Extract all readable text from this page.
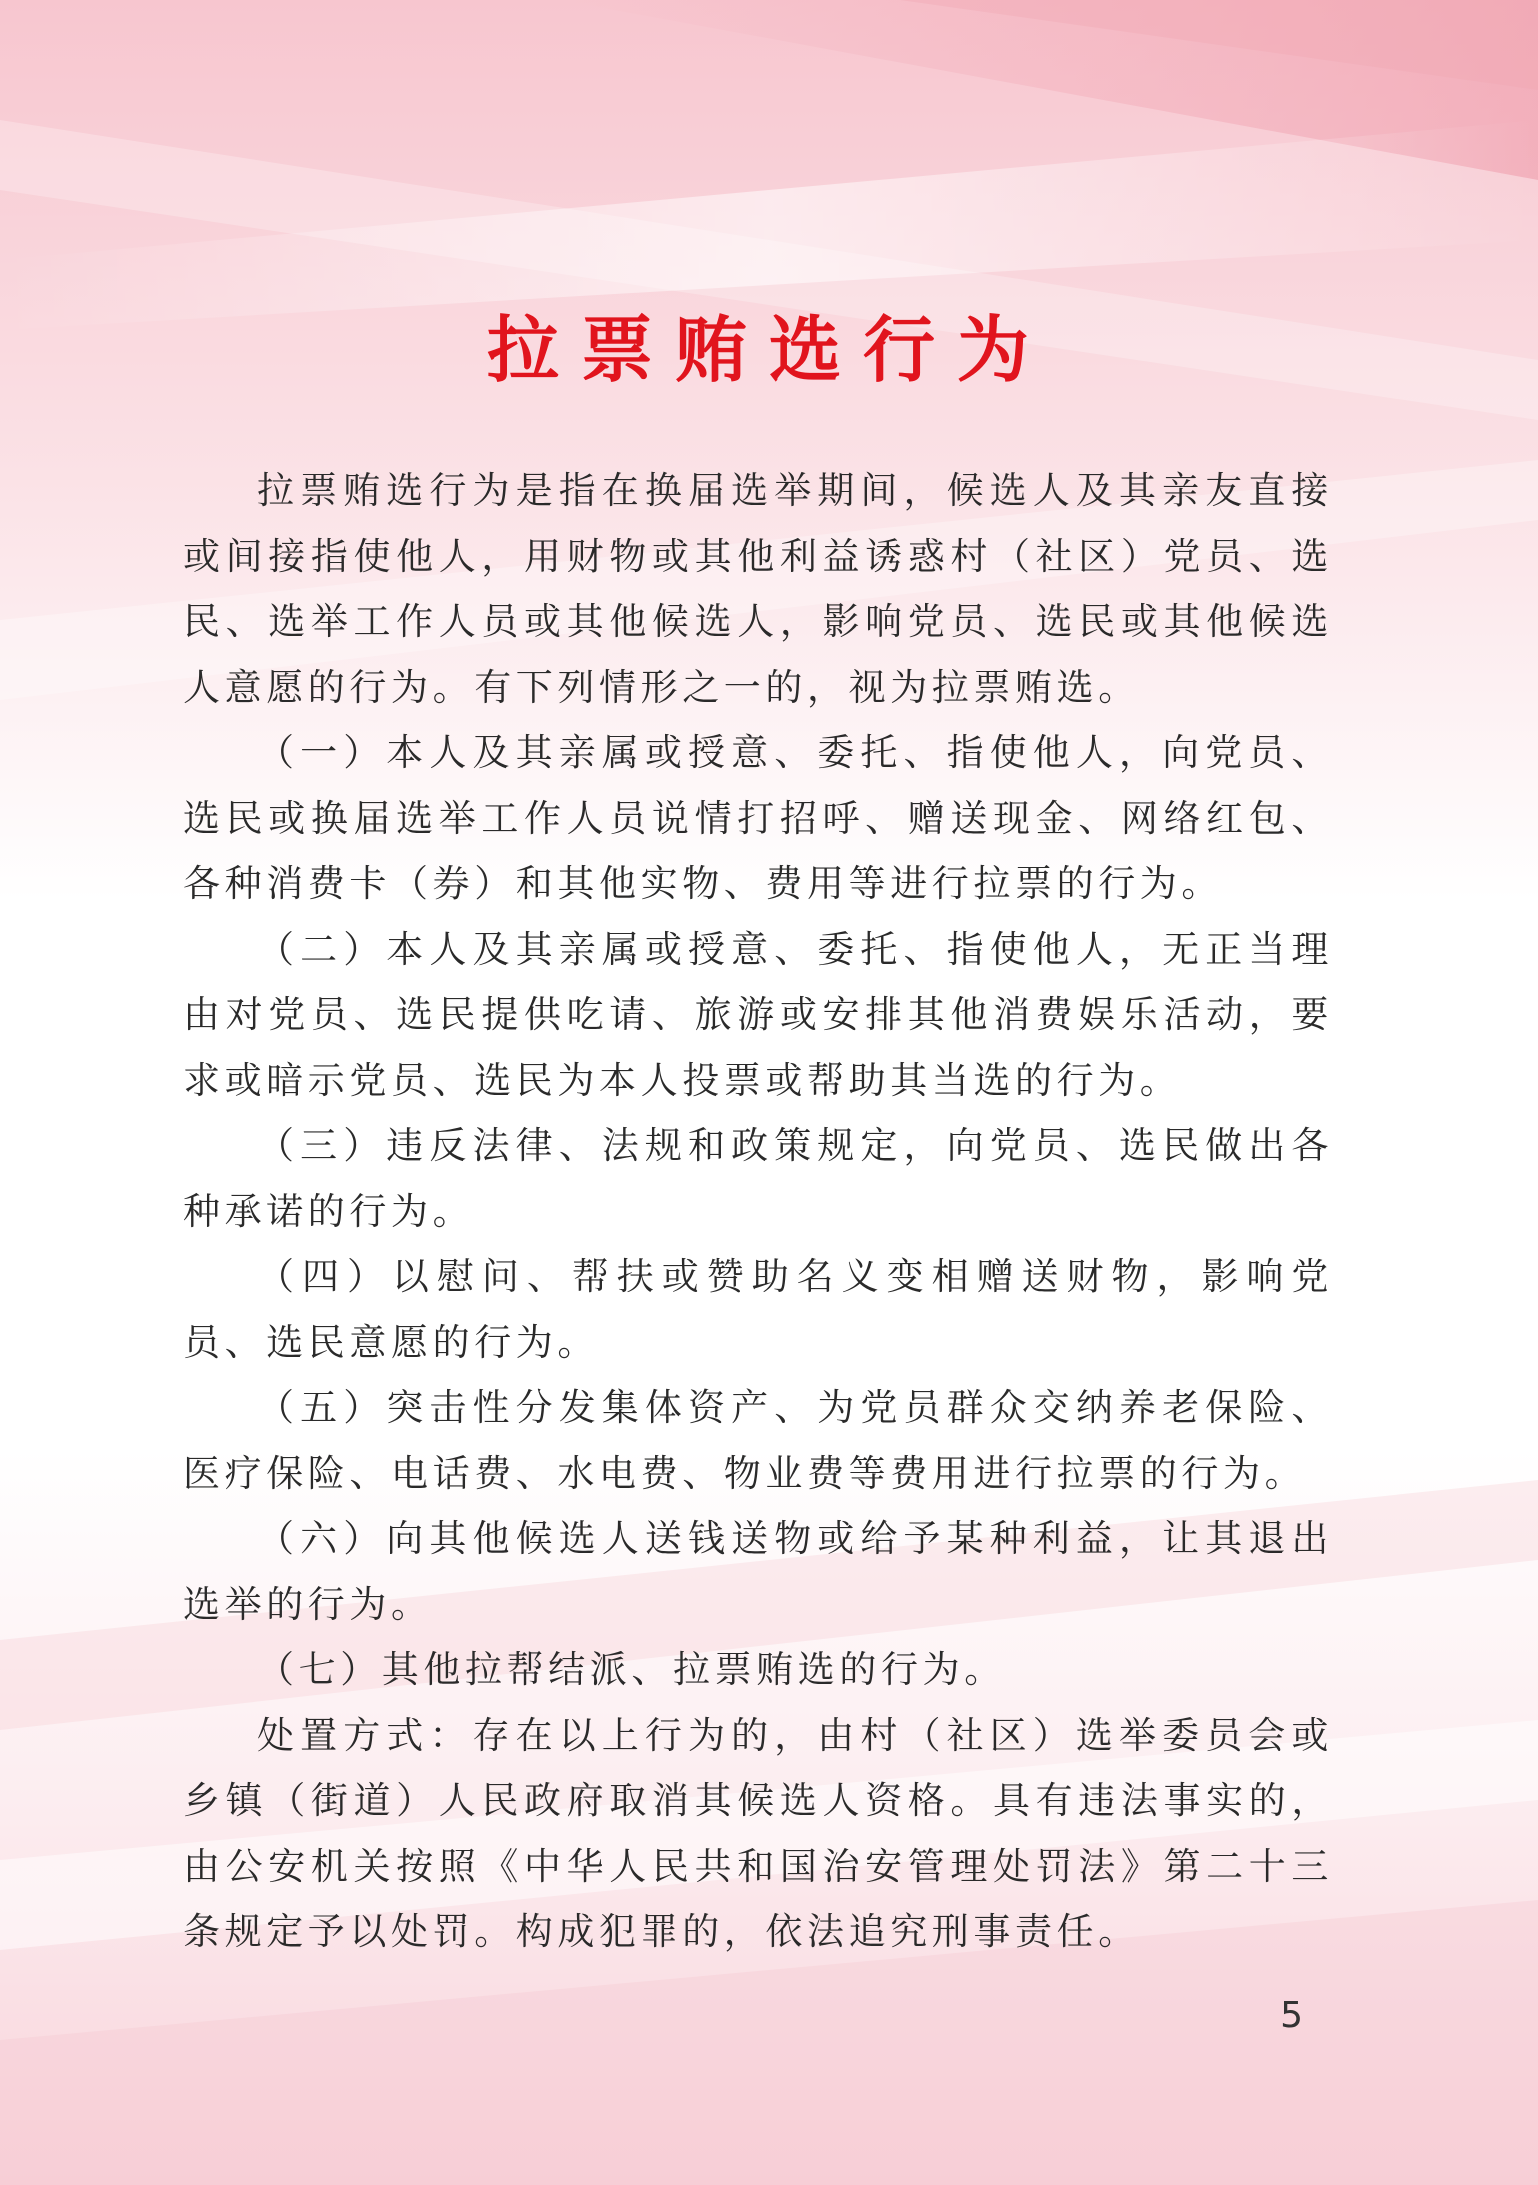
拉票贿选行为

拉票贿选行为是指在换届选举期间，候选人及其亲友直接或间接指使他人，用财物或其他利益诱惑村（社区）党员、选民、选举工作人员或其他候选人，影响党员、选民或其他候选人意愿的行为。有下列情形之一的，视为拉票贿选。

（一）本人及其亲属或授意、委托、指使他人，向党员、选民或换届选举工作人员说情打招呼、赠送现金、网络红包、各种消费卡（券）和其他实物、费用等进行拉票的行为。

（二）本人及其亲属或授意、委托、指使他人，无正当理由对党员、选民提供吃请、旅游或安排其他消费娱乐活动，要求或暗示党员、选民为本人投票或帮助其当选的行为。

（三）违反法律、法规和政策规定，向党员、选民做出各种承诺的行为。

（四）以慰问、帮扶或赞助名义变相赠送财物，影响党员、选民意愿的行为。

（五）突击性分发集体资产、为党员群众交纳养老保险、医疗保险、电话费、水电费、物业费等费用进行拉票的行为。

（六）向其他候选人送钱送物或给予某种利益，让其退出选举的行为。

（七）其他拉帮结派、拉票贿选的行为。

处置方式：存在以上行为的，由村（社区）选举委员会或乡镇（街道）人民政府取消其候选人资格。具有违法事实的，由公安机关按照《中华人民共和国治安管理处罚法》第二十三条规定予以处罚。构成犯罪的，依法追究刑事责任。

5
